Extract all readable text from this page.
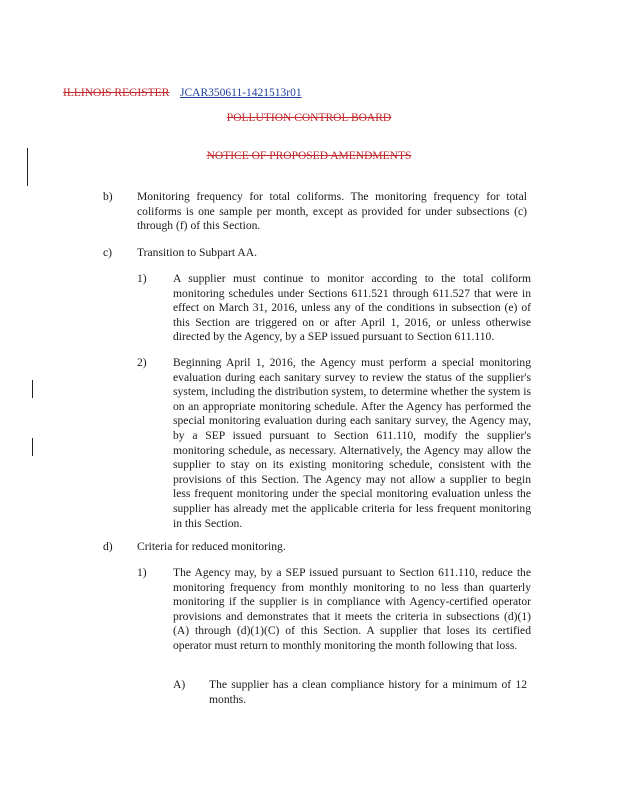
ILLINOIS REGISTER JCAR350611-1421513r01
POLLUTION CONTROL BOARD
NOTICE OF PROPOSED AMENDMENTS
b) Monitoring frequency for total coliforms. The monitoring frequency for total coliforms is one sample per month, except as provided for under subsections (c) through (f) of this Section.
c) Transition to Subpart AA.
1) A supplier must continue to monitor according to the total coliform monitoring schedules under Sections 611.521 through 611.527 that were in effect on March 31, 2016, unless any of the conditions in subsection (e) of this Section are triggered on or after April 1, 2016, or unless otherwise directed by the Agency, by a SEP issued pursuant to Section 611.110.
2) Beginning April 1, 2016, the Agency must perform a special monitoring evaluation during each sanitary survey to review the status of the supplier's system, including the distribution system, to determine whether the system is on an appropriate monitoring schedule. After the Agency has performed the special monitoring evaluation during each sanitary survey, the Agency may, by a SEP issued pursuant to Section 611.110, modify the supplier's monitoring schedule, as necessary. Alternatively, the Agency may allow the supplier to stay on its existing monitoring schedule, consistent with the provisions of this Section. The Agency may not allow a supplier to begin less frequent monitoring under the special monitoring evaluation unless the supplier has already met the applicable criteria for less frequent monitoring in this Section.
d) Criteria for reduced monitoring.
1) The Agency may, by a SEP issued pursuant to Section 611.110, reduce the monitoring frequency from monthly monitoring to no less than quarterly monitoring if the supplier is in compliance with Agency-certified operator provisions and demonstrates that it meets the criteria in subsections (d)(1)(A) through (d)(1)(C) of this Section. A supplier that loses its certified operator must return to monthly monitoring the month following that loss.
A) The supplier has a clean compliance history for a minimum of 12 months.
